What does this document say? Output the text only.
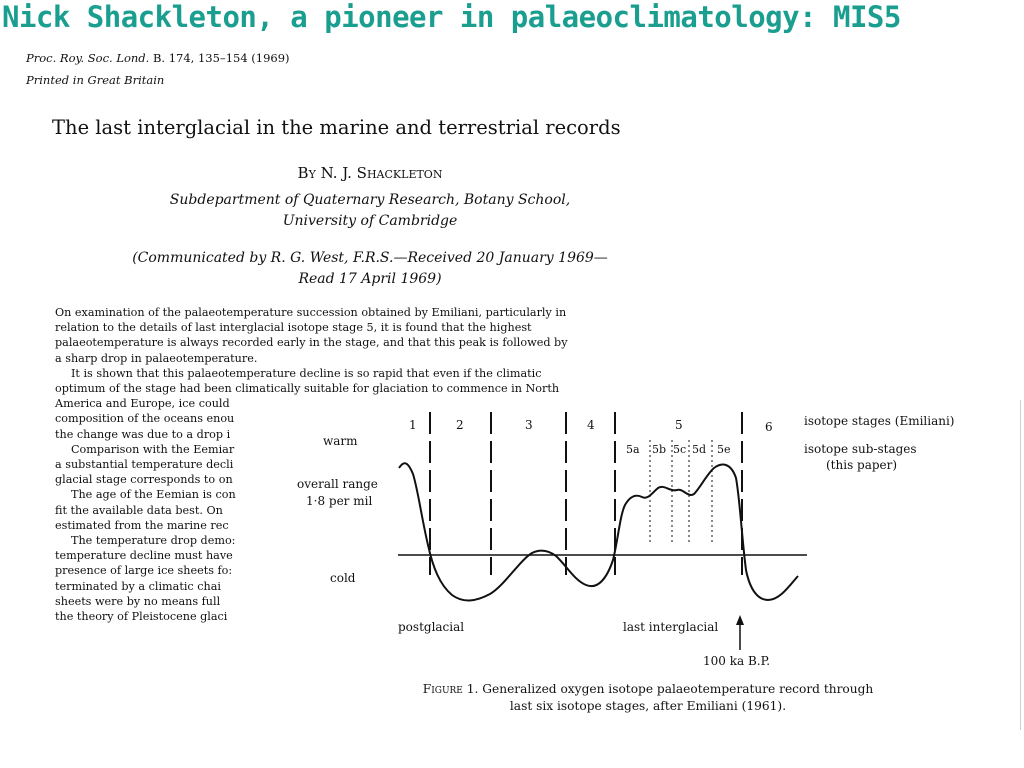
Nick Shackleton, a pioneer in palaeoclimatology: MIS5
Proc. Roy. Soc. Lond. B. 174, 135–154 (1969)
Printed in Great Britain
The last interglacial in the marine and terrestrial records
By N. J. Shackleton
Subdepartment of Quaternary Research, Botany School,
University of Cambridge
(Communicated by R. G. West, F.R.S.—Received 20 January 1969—
Read 17 April 1969)

On examination of the palaeotemperature succession obtained by Emiliani, particularly in

relation to the details of last interglacial isotope stage 5, it is found that the highest

palaeotemperature is always recorded early in the stage, and that this peak is followed by

a sharp drop in palaeotemperature.

It is shown that this palaeotemperature decline is so rapid that even if the climatic

optimum of the stage had been climatically suitable for glaciation to commence in North

America and Europe, ice could

composition of the oceans enou

the change was due to a drop i

Comparison with the Eemiar

a substantial temperature decli

glacial stage corresponds to on

The age of the Eemian is con

fit the available data best. On

estimated from the marine rec

The temperature drop demo:

temperature decline must have

presence of large ice sheets fo:

terminated by a climatic chai

sheets were by no means full

the theory of Pleistocene glaci

1	2	3	4	5	6
5a 5b 5c 5d 5e
warm
overall range
1·8 per mil
cold
isotope stages (Emiliani)
isotope sub-stages
(this paper)
postglacial	last interglacial
100 ka B.P.
Figure 1. Generalized oxygen isotope palaeotemperature record through
last six isotope stages, after Emiliani (1961).
